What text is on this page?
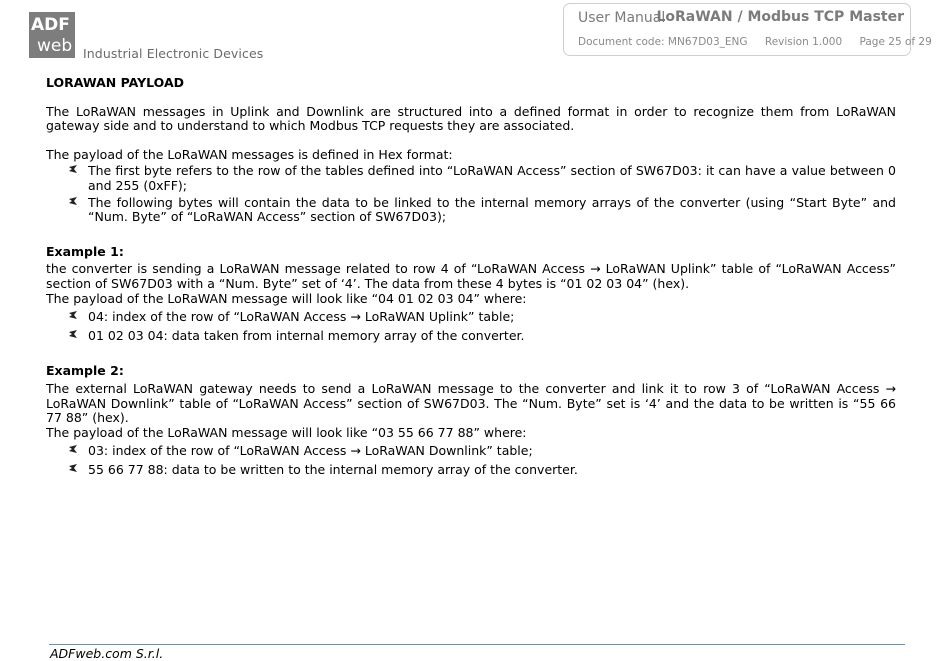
ADF
web Industrial Electronic Devices
User Manual
LoRaWAN / Modbus TCP Master
Document code: MN67D03_ENG Revision 1.000 Page 25 of 29

LORAWAN PAYLOAD

The LoRaWAN messages in Uplink and Downlink are structured into a defined format in order to recognize them from LoRaWAN gateway side and to understand to which Modbus TCP requests they are associated.

The payload of the LoRaWAN messages is defined in Hex format:

The first byte refers to the row of the tables defined into “LoRaWAN Access” section of SW67D03: it can have a value between 0 and 255 (0xFF);
The following bytes will contain the data to be linked to the internal memory arrays of the converter (using “Start Byte” and “Num. Byte” of “LoRaWAN Access” section of SW67D03);

Example 1:

the converter is sending a LoRaWAN message related to row 4 of “LoRaWAN Access → LoRaWAN Uplink” table of “LoRaWAN Access” section of SW67D03 with a “Num. Byte” set of ‘4’. The data from these 4 bytes is “01 02 03 04” (hex).

The payload of the LoRaWAN message will look like “04 01 02 03 04” where:

04: index of the row of “LoRaWAN Access → LoRaWAN Uplink” table;
01 02 03 04: data taken from internal memory array of the converter.

Example 2:

The external LoRaWAN gateway needs to send a LoRaWAN message to the converter and link it to row 3 of “LoRaWAN Access → LoRaWAN Downlink” table of “LoRaWAN Access” section of SW67D03. The “Num. Byte” set is ‘4’ and the data to be written is “55 66 77 88” (hex).

The payload of the LoRaWAN message will look like “03 55 66 77 88” where:

03: index of the row of “LoRaWAN Access → LoRaWAN Downlink” table;
55 66 77 88: data to be written to the internal memory array of the converter.
ADFweb.com S.r.l.
